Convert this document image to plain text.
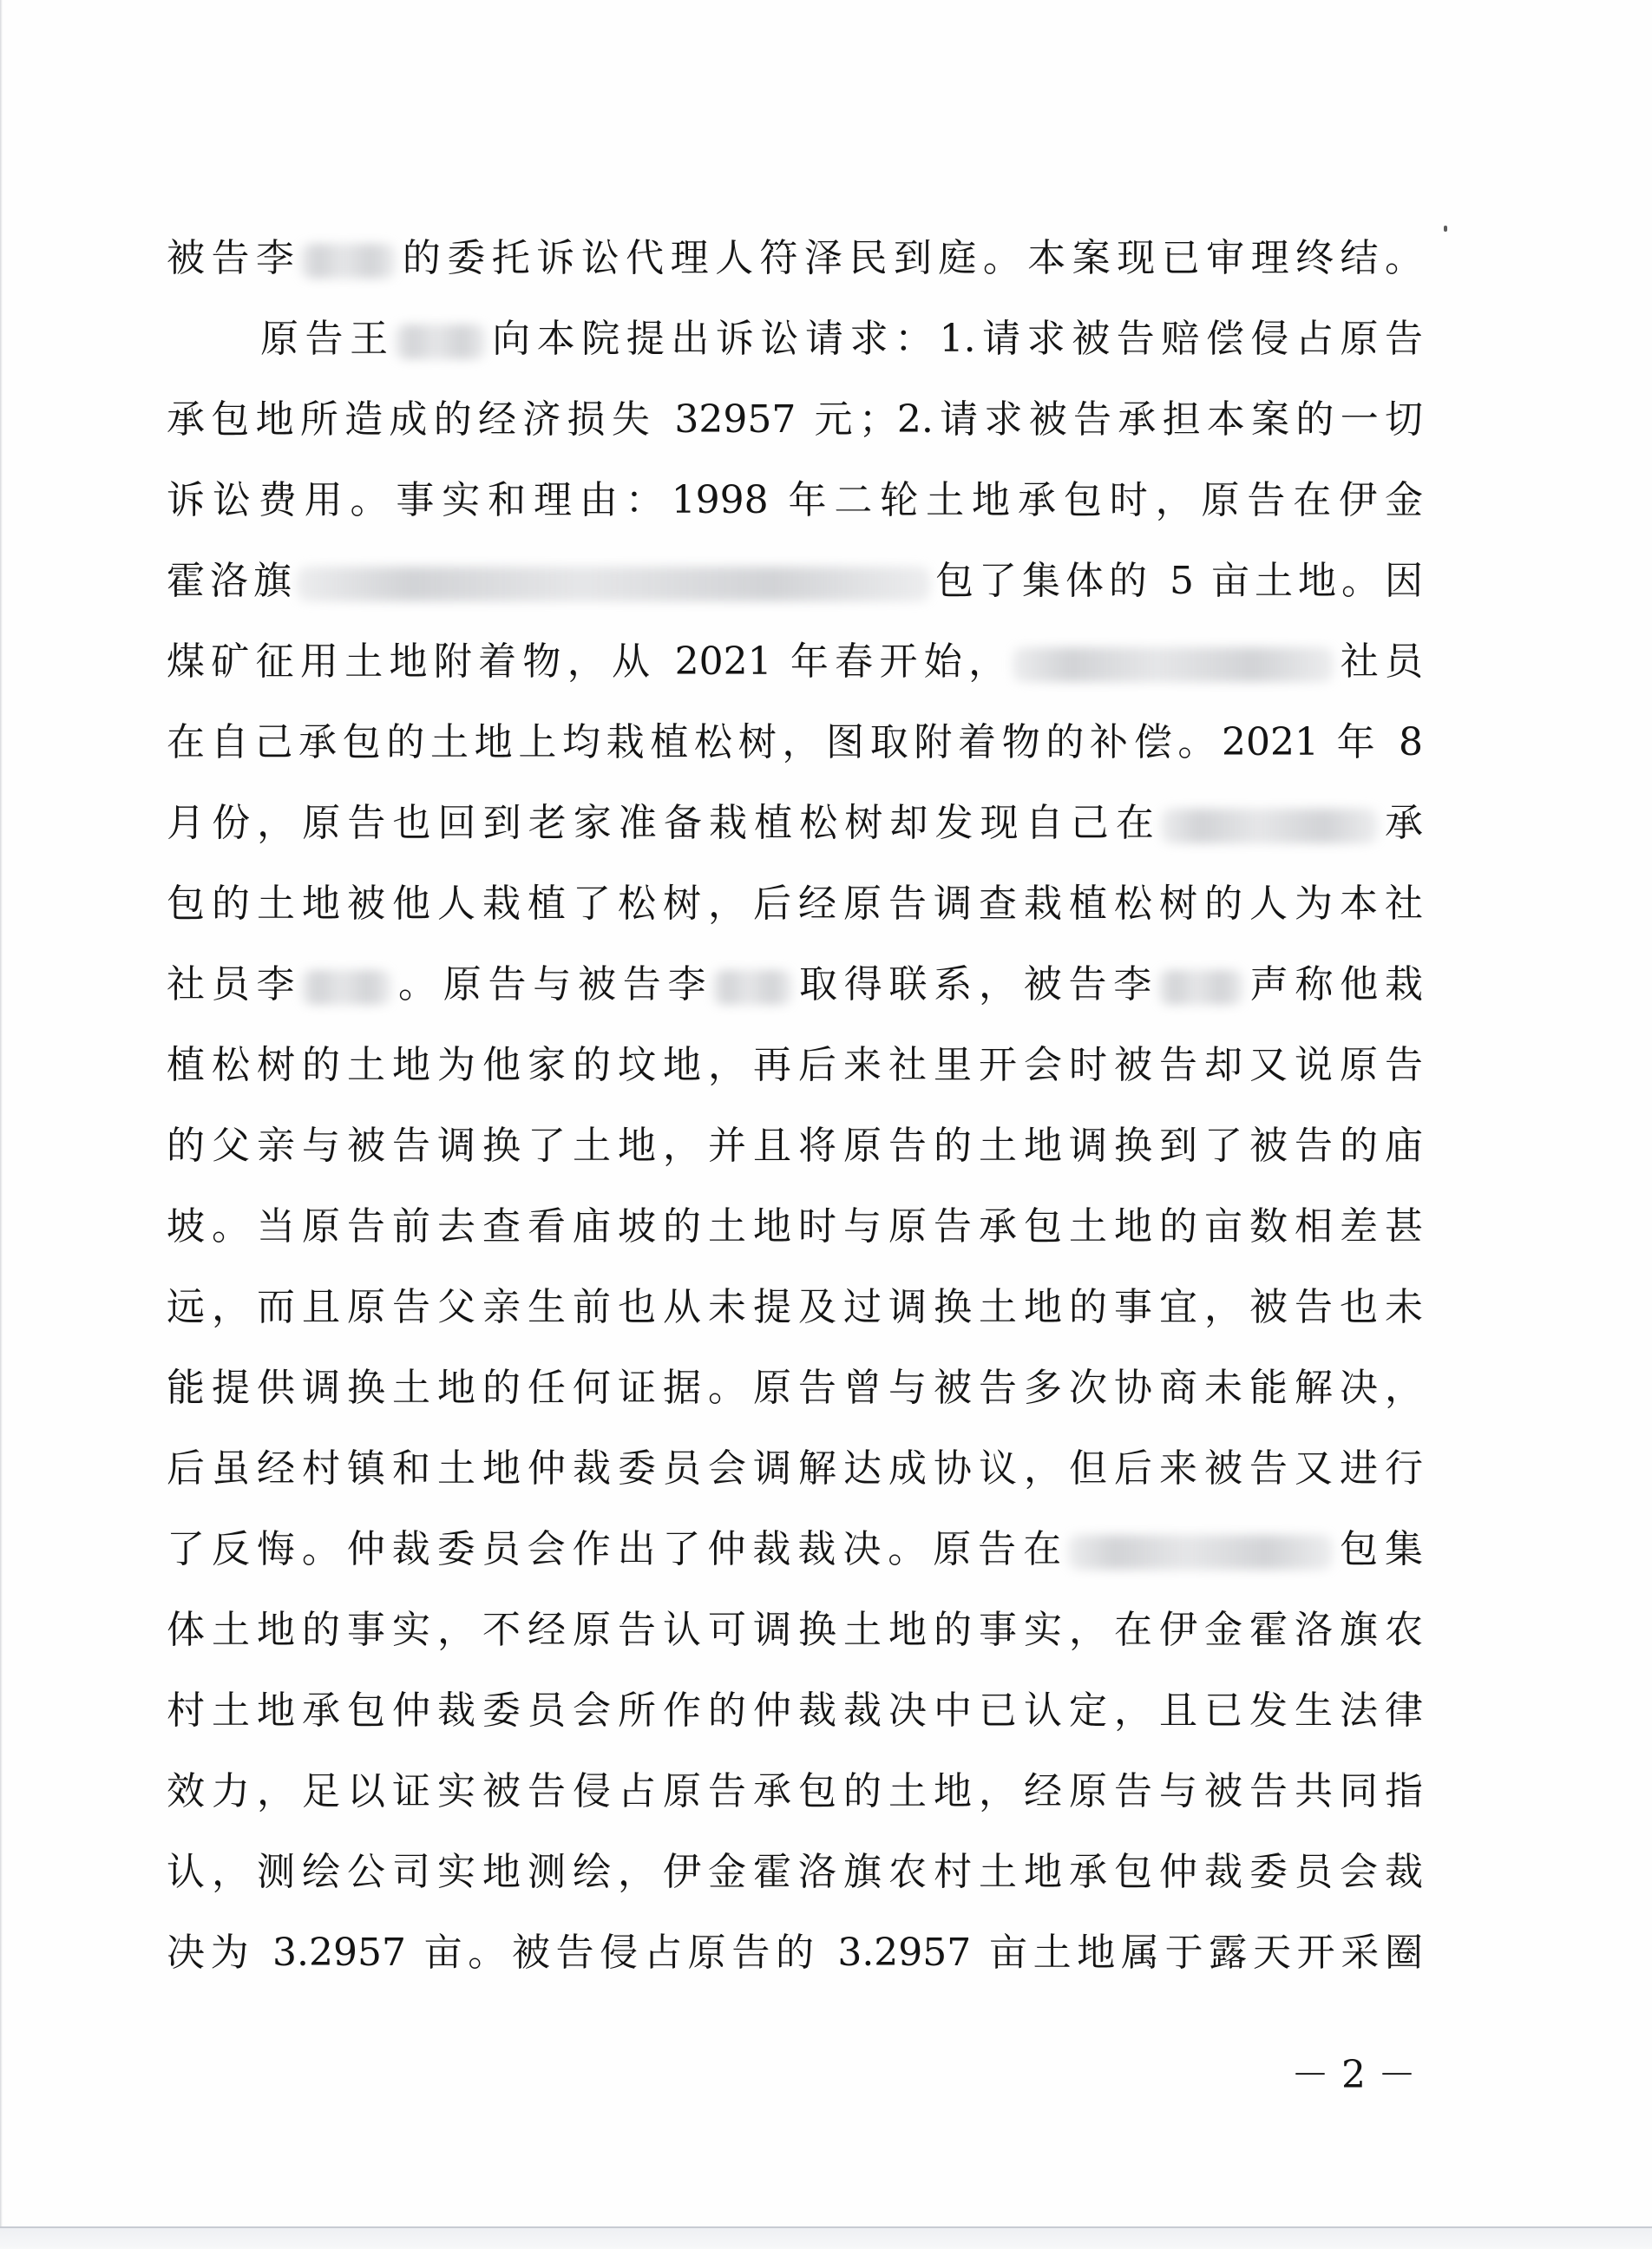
被告李	的委托诉讼代理人符泽民到庭。本案现已审理终结。
原告王 向本院提出诉讼请求：1.请求被告赔偿侵占原告
承包地所造成的经济损失 32957 元；2.请求被告承担本案的一切
诉讼费用。事实和理由：1998 年二轮土地承包时，原告在伊金
霍洛旗	包了集体的 5 亩土地。因
煤矿征用土地附着物，从 2021 年春开始，	社员
在自己承包的土地上均栽植松树，图取附着物的补偿。2021 年 8
月份，原告也回到老家准备栽植松树却发现自己在	承
包的土地被他人栽植了松树，后经原告调查栽植松树的人为本社
社员李 。原告与被告李 取得联系，被告李 声称他栽
植松树的土地为他家的坟地，再后来社里开会时被告却又说原告
的父亲与被告调换了土地，并且将原告的土地调换到了被告的庙
坡。当原告前去查看庙坡的土地时与原告承包土地的亩数相差甚
远，而且原告父亲生前也从未提及过调换土地的事宜，被告也未
能提供调换土地的任何证据。原告曾与被告多次协商未能解决，
后虽经村镇和土地仲裁委员会调解达成协议，但后来被告又进行
了反悔。仲裁委员会作出了仲裁裁决。原告在	包集
体土地的事实，不经原告认可调换土地的事实，在伊金霍洛旗农
村土地承包仲裁委员会所作的仲裁裁决中已认定，且已发生法律
效力，足以证实被告侵占原告承包的土地，经原告与被告共同指
认，测绘公司实地测绘，伊金霍洛旗农村土地承包仲裁委员会裁
决为 3.2957 亩。被告侵占原告的 3.2957 亩土地属于露天开采圈
－ 2 －
